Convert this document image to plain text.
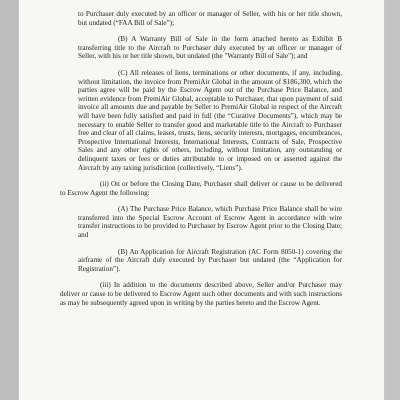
to Purchaser duly executed by an officer or manager of Seller, with his or her title shown, but undated (“FAA Bill of Sale”);

(B) A Warranty Bill of Sale in the form attached hereto as Exhibit B transferring title to the Aircraft to Purchaser duly executed by an officer or manager of Seller, with his or her title shown, but undated (the "Warranty Bill of Sale"); and

(C) All releases of liens, terminations or other documents, if any, including, without limitation, the invoice from PremiAir Global in the amount of $186,300, which the parties agree will be paid by the Escrow Agent out of the Purchase Price Balance, and written evidence from PremiAir Global, acceptable to Purchaser, that upon payment of said invoice all amounts due and payable by Seller to PremiAir Global in respect of the Aircraft will have been fully satisfied and paid in full (the “Curative Documents”), which may be necessary to enable Seller to transfer good and marketable title to the Aircraft to Purchaser free and clear of all claims, leases, trusts, liens, security interests, mortgages, encumbrances, Prospective International Interests, International Interests, Contracts of Sale, Prospective Sales and any other rights of others, including, without limitation, any outstanding or delinquent taxes or fees or duties attributable to or imposed on or asserted against the Aircraft by any taxing jurisdiction (collectively, “Liens”).

(ii) On or before the Closing Date, Purchaser shall deliver or cause to be delivered to Escrow Agent the following:

(A) The Purchase Price Balance, which Purchase Price Balance shall be wire transferred into the Special Escrow Account of Escrow Agent in accordance with wire transfer instructions to be provided to Purchaser by Escrow Agent prior to the Closing Date; and

(B) An Application for Aircraft Registration (AC Form 8050-1) covering the airframe of the Aircraft duly executed by Purchaser but undated (the “Application for Registration”).

(iii) In addition to the documents described above, Seller and/or Purchaser may deliver or cause to be delivered to Escrow Agent such other documents and with such instructions as may be subsequently agreed upon in writing by the parties hereto and the Escrow Agent.
